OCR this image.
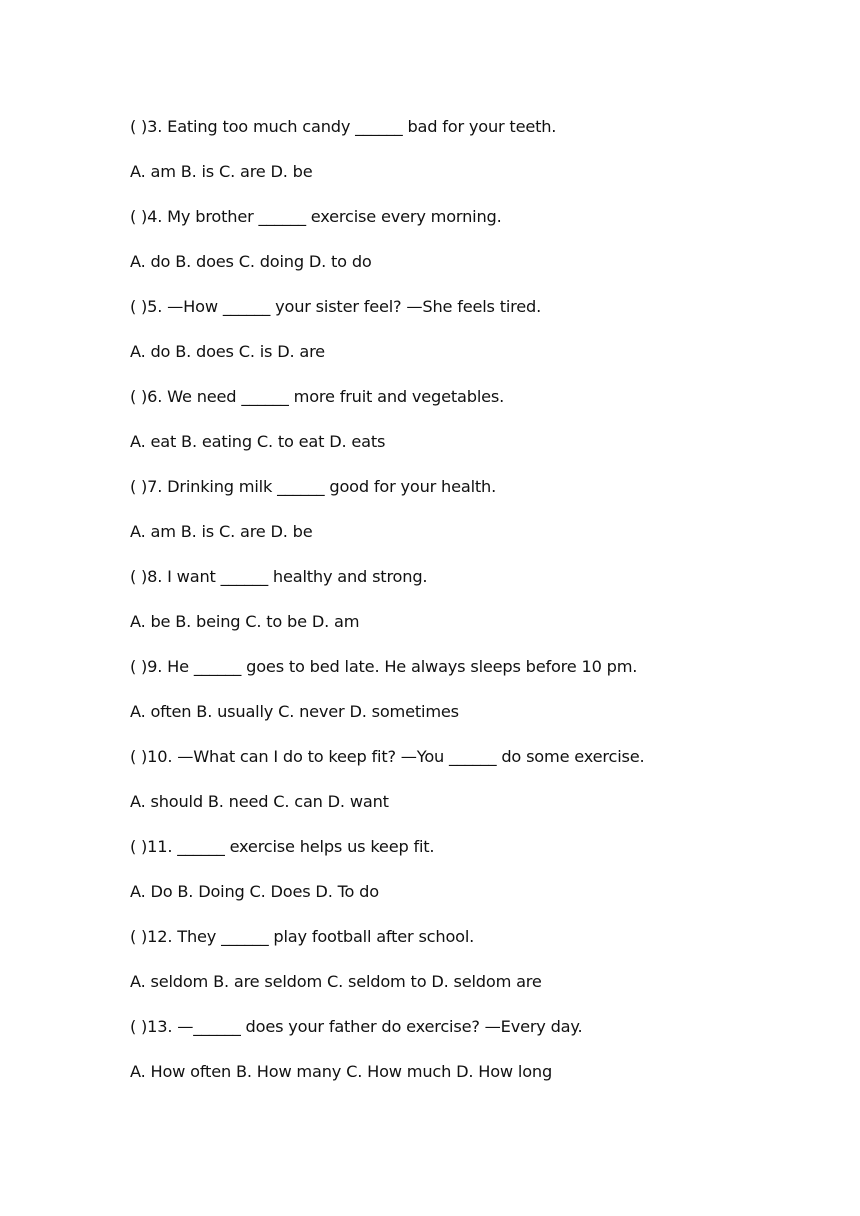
( )3. Eating too much candy ______ bad for your teeth.
A. am B. is C. are D. be
( )4. My brother ______ exercise every morning.
A. do B. does C. doing D. to do
( )5. —How ______ your sister feel? —She feels tired.
A. do B. does C. is D. are
( )6. We need ______ more fruit and vegetables.
A. eat B. eating C. to eat D. eats
( )7. Drinking milk ______ good for your health.
A. am B. is C. are D. be
( )8. I want ______ healthy and strong.
A. be B. being C. to be D. am
( )9. He ______ goes to bed late. He always sleeps before 10 pm.
A. often B. usually C. never D. sometimes
( )10. —What can I do to keep fit? —You ______ do some exercise.
A. should B. need C. can D. want
( )11. ______ exercise helps us keep fit.
A. Do B. Doing C. Does D. To do
( )12. They ______ play football after school.
A. seldom B. are seldom C. seldom to D. seldom are
( )13. —______ does your father do exercise? —Every day.
A. How often B. How many C. How much D. How long
